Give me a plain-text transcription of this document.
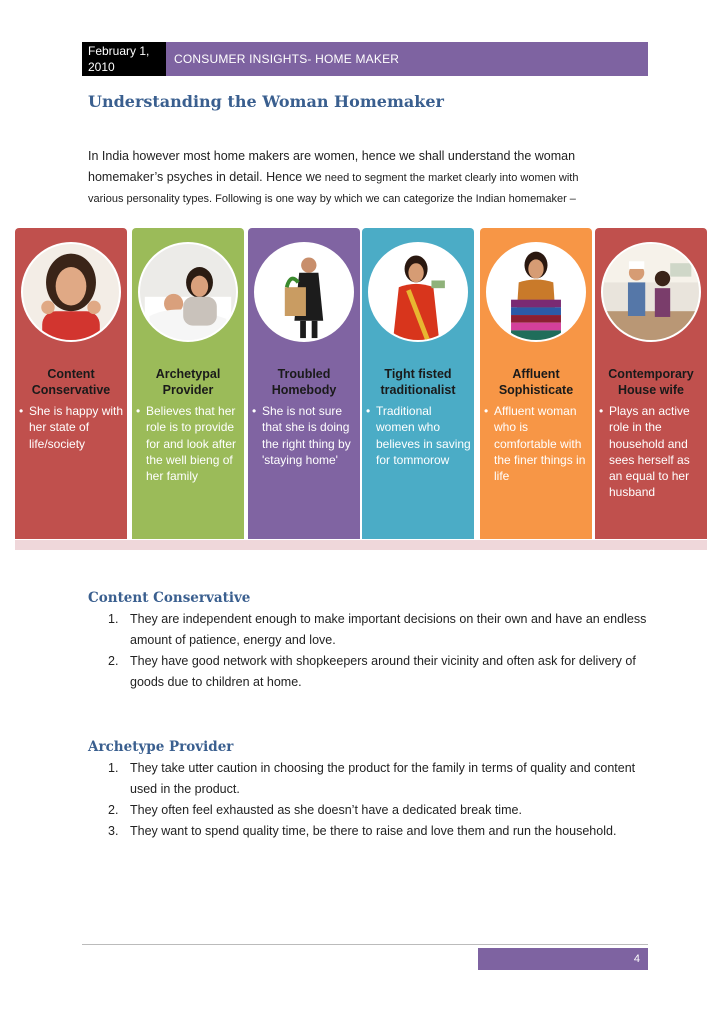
February 1, 2010
CONSUMER INSIGHTS- HOME MAKER
Understanding the Woman Homemaker
In India however most home makers are women, hence we shall understand the woman
homemaker’s psyches in detail. Hence we need to segment the market clearly into women with
various personality types. Following is one way by which we can categorize the Indian homemaker –
Content Conservative
• She is happy with her state of life/society
Archetypal Provider
• Believes that her role is to provide for and look after the well bieng of her family
Troubled Homebody
• She is not sure that she is doing the right thing by 'staying home'
Tight fisted traditionalist
• Traditional women who believes in saving for tommorow
Affluent Sophisticate
• Affluent woman who is comfortable with the finer things in life
Contemporary House wife
• Plays an active role in the household and sees herself as an equal to her husband
Content Conservative
1. They are independent enough to make important decisions on their own and have an endless amount of patience, energy and love.
2. They have good network with shopkeepers around their vicinity and often ask for delivery of goods due to children at home.
Archetype Provider
1. They take utter caution in choosing the product for the family in terms of quality and content used in the product.
2. They often feel exhausted as she doesn’t have a dedicated break time.
3. They want to spend quality time, be there to raise and love them and run the household.
4
